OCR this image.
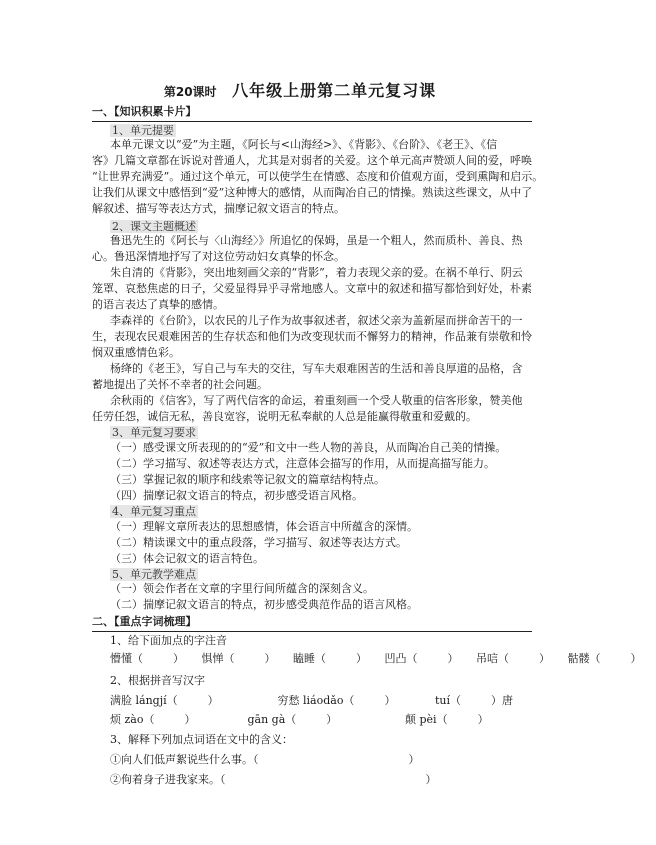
第20课时 八年级上册第二单元复习课
一、【知识积累卡片】
1、单元提要
本单元课文以“爱”为主题，《阿长与<山海经>》、《背影》、《台阶》、《老王》、《信
客》几篇文章都在诉说对普通人，尤其是对弱者的关爱。这个单元高声赞颂人间的爱，呼唤
“让世界充满爱”。通过这个单元，可以使学生在情感、态度和价值观方面，受到熏陶和启示。
让我们从课文中感悟到“爱”这种博大的感情，从而陶冶自己的情操。熟读这些课文，从中了
解叙述、描写等表达方式，揣摩记叙文语言的特点。
2、课文主题概述
鲁迅先生的《阿长与〈山海经〉》所追忆的保姆，虽是一个粗人，然而质朴、善良、热
心。鲁迅深情地抒写了对这位劳动妇女真挚的怀念。
朱自清的《背影》，突出地刻画父亲的“背影”，着力表现父亲的爱。在祸不单行、阴云
笼罩、哀愁焦虑的日子，父爱显得异乎寻常地感人。文章中的叙述和描写都恰到好处，朴素
的语言表达了真挚的感情。
李森祥的《台阶》，以农民的儿子作为故事叙述者，叙述父亲为盖新屋而拼命苦干的一
生，表现农民艰难困苦的生存状态和他们为改变现状而不懈努力的精神，作品兼有崇敬和怜
悯双重感情色彩。
杨绛的《老王》，写自己与车夫的交往，写车夫艰难困苦的生活和善良厚道的品格，含
蓄地提出了关怀不幸者的社会问题。
余秋雨的《信客》，写了两代信客的命运，着重刻画一个受人敬重的信客形象，赞美他
任劳任怨，诚信无私，善良宽容，说明无私奉献的人总是能赢得敬重和爱戴的。
3、单元复习要求
（一）感受课文所表现的的“爱”和文中一些人物的善良，从而陶冶自己美的情操。
（二）学习描写、叙述等表达方式，注意体会描写的作用，从而提高描写能力。
（三）掌握记叙的顺序和线索等记叙文的篇章结构特点。
（四）揣摩记叙文语言的特点，初步感受语言风格。
4、单元复习重点
（一）理解文章所表达的思想感情，体会语言中所蕴含的深情。
（二）精读课文中的重点段落，学习描写、叙述等表达方式。
（三）体会记叙文的语言特色。
5、单元教学难点
（一）领会作者在文章的字里行间所蕴含的深刻含义。
（二）揣摩记叙文语言的特点，初步感受典范作品的语言风格。
二、【重点字词梳理】
1、给下面加点的字注音
懵懂（	） 惧惮（	） 瞌睡（	） 凹凸（	） 吊唁（	） 骷髅（	）
2、根据拼音写汉字
满脸 lángjí（	）	穷愁 liáodǎo（	）	tuí（	）唐
烦 zào（	）	gān gà（	）	颠 pèi（	）
3、解释下列加点词语在文中的含义：
①向人们低声絮说些什么事。（	）
②佝着身子进我家来。（	）
